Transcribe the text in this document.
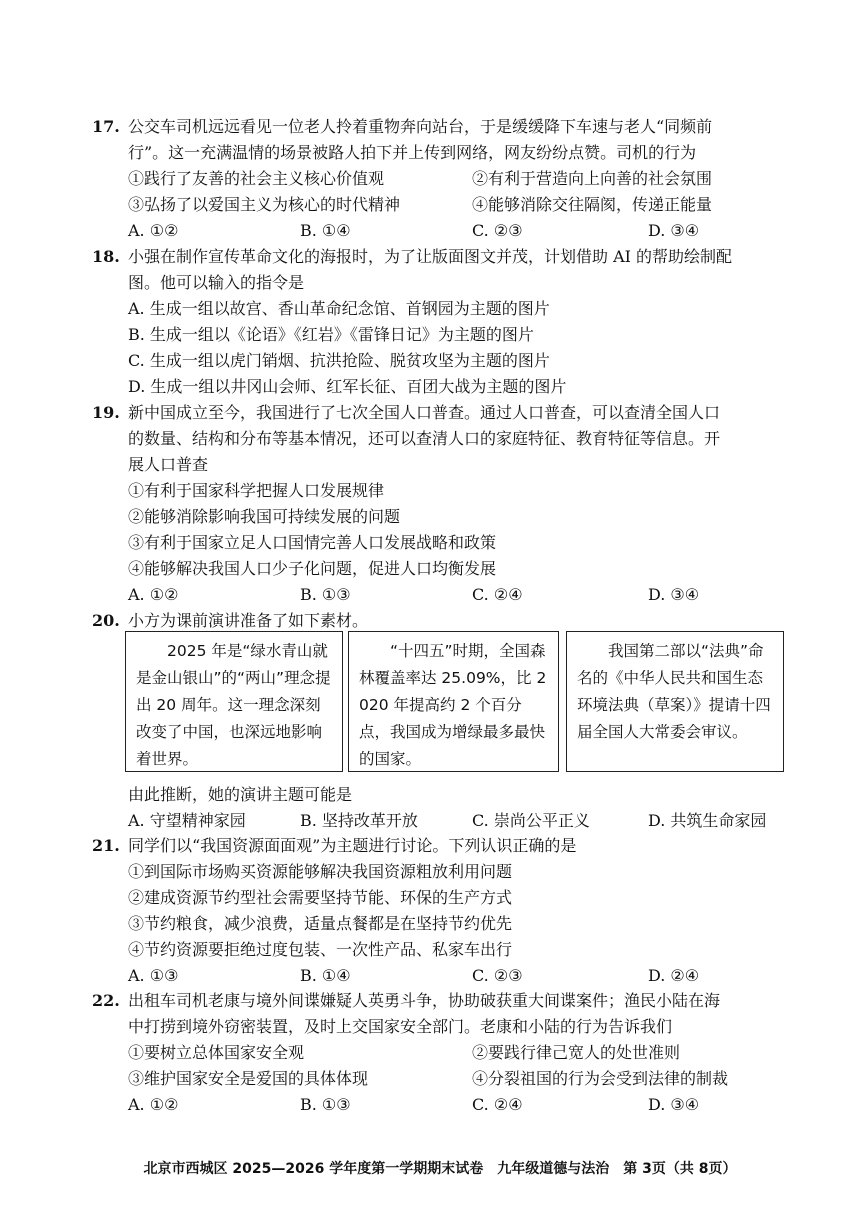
17. 公交车司机远远看见一位老人拎着重物奔向站台，于是缓缓降下车速与老人“同频前
行”。这一充满温情的场景被路人拍下并上传到网络，网友纷纷点赞。司机的行为
①践行了友善的社会主义核心价值观	②有利于营造向上向善的社会氛围
③弘扬了以爱国主义为核心的时代精神	④能够消除交往隔阂，传递正能量
A. ①②	B. ①④	C. ②③	D. ③④
18. 小强在制作宣传革命文化的海报时，为了让版面图文并茂，计划借助 AI 的帮助绘制配
图。他可以输入的指令是
A. 生成一组以故宫、香山革命纪念馆、首钢园为主题的图片
B. 生成一组以《论语》《红岩》《雷锋日记》为主题的图片
C. 生成一组以虎门销烟、抗洪抢险、脱贫攻坚为主题的图片
D. 生成一组以井冈山会师、红军长征、百团大战为主题的图片
19. 新中国成立至今，我国进行了七次全国人口普查。通过人口普查，可以查清全国人口
的数量、结构和分布等基本情况，还可以查清人口的家庭特征、教育特征等信息。开
展人口普查
①有利于国家科学把握人口发展规律
②能够消除影响我国可持续发展的问题
③有利于国家立足人口国情完善人口发展战略和政策
④能够解决我国人口少子化问题，促进人口均衡发展
A. ①②	B. ①③	C. ②④	D. ③④
20. 小方为课前演讲准备了如下素材。

2025 年是“绿水青山就是金山银山”的“两山”理念提出 20 周年。这一理念深刻改变了中国，也深远地影响着世界。

“十四五”时期，全国森林覆盖率达 25.09%，比 2020 年提高约 2 个百分点，我国成为增绿最多最快的国家。

我国第二部以“法典”命名的《中华人民共和国生态环境法典（草案）》提请十四届全国人大常委会审议。

由此推断，她的演讲主题可能是
A. 守望精神家园	B. 坚持改革开放	C. 崇尚公平正义	D. 共筑生命家园
21. 同学们以“我国资源面面观”为主题进行讨论。下列认识正确的是
①到国际市场购买资源能够解决我国资源粗放利用问题
②建成资源节约型社会需要坚持节能、环保的生产方式
③节约粮食，减少浪费，适量点餐都是在坚持节约优先
④节约资源要拒绝过度包装、一次性产品、私家车出行
A. ①③	B. ①④	C. ②③	D. ②④
22. 出租车司机老康与境外间谍嫌疑人英勇斗争，协助破获重大间谍案件；渔民小陆在海
中打捞到境外窃密装置，及时上交国家安全部门。老康和小陆的行为告诉我们
①要树立总体国家安全观	②要践行律己宽人的处世准则
③维护国家安全是爱国的具体体现	④分裂祖国的行为会受到法律的制裁
A. ①②	B. ①③	C. ②④	D. ③④
北京市西城区 2025—2026 学年度第一学期期末试卷　九年级道德与法治　第 3页（共 8页）
